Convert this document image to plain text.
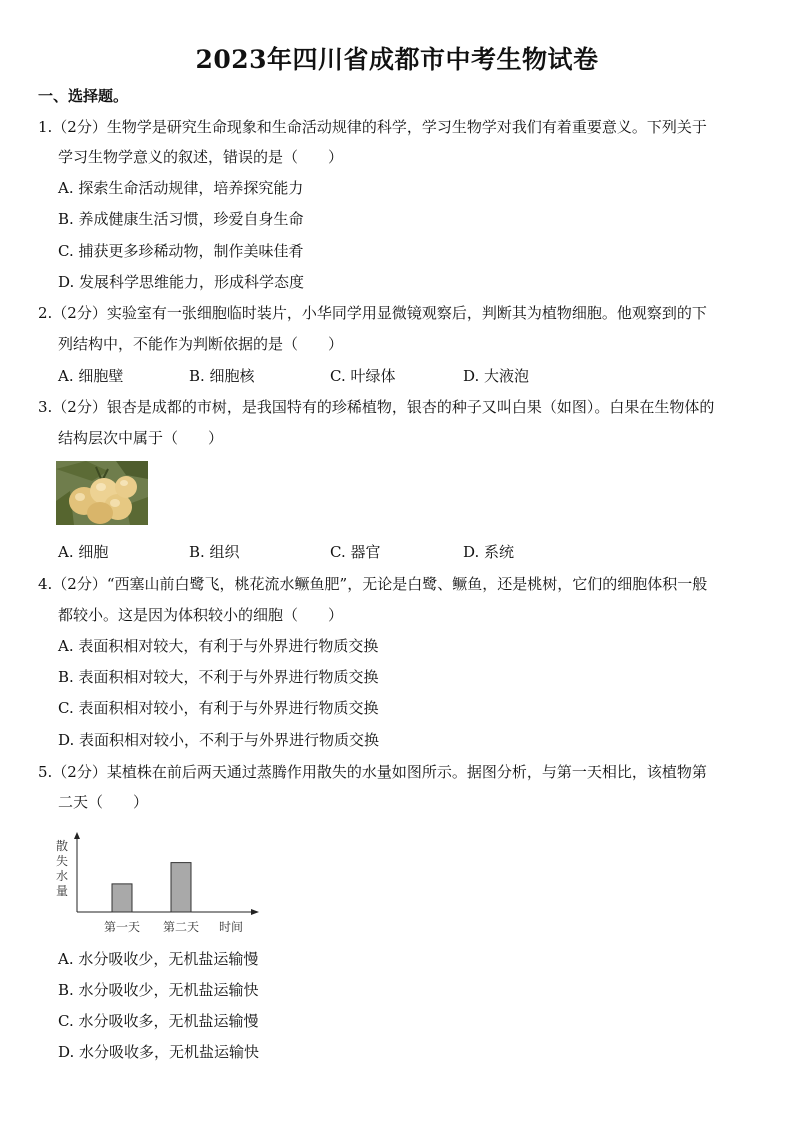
2023年四川省成都市中考生物试卷
一、选择题。
1.（2分）生物学是研究生命现象和生命活动规律的科学，学习生物学对我们有着重要意义。下列关于
学习生物学意义的叙述，错误的是（　　）
A. 探索生命活动规律，培养探究能力
B. 养成健康生活习惯，珍爱自身生命
C. 捕获更多珍稀动物，制作美味佳肴
D. 发展科学思维能力，形成科学态度
2.（2分）实验室有一张细胞临时装片，小华同学用显微镜观察后，判断其为植物细胞。他观察到的下
列结构中，不能作为判断依据的是（　　）
A. 细胞壁	B. 细胞核	C. 叶绿体	D. 大液泡
3.（2分）银杏是成都的市树，是我国特有的珍稀植物，银杏的种子又叫白果（如图）。白果在生物体的
结构层次中属于（　　）
A. 细胞	B. 组织	C. 器官	D. 系统
4.（2分）“西塞山前白鹭飞，桃花流水鳜鱼肥”，无论是白鹭、鳜鱼，还是桃树，它们的细胞体积一般
都较小。这是因为体积较小的细胞（　　）
A. 表面积相对较大，有利于与外界进行物质交换
B. 表面积相对较大，不利于与外界进行物质交换
C. 表面积相对较小，有利于与外界进行物质交换
D. 表面积相对较小，不利于与外界进行物质交换
5.（2分）某植株在前后两天通过蒸腾作用散失的水量如图所示。据图分析，与第一天相比，该植物第
二天（　　）
散失水量
第一天 第二天 时间
A. 水分吸收少，无机盐运输慢
B. 水分吸收少，无机盐运输快
C. 水分吸收多，无机盐运输慢
D. 水分吸收多，无机盐运输快
